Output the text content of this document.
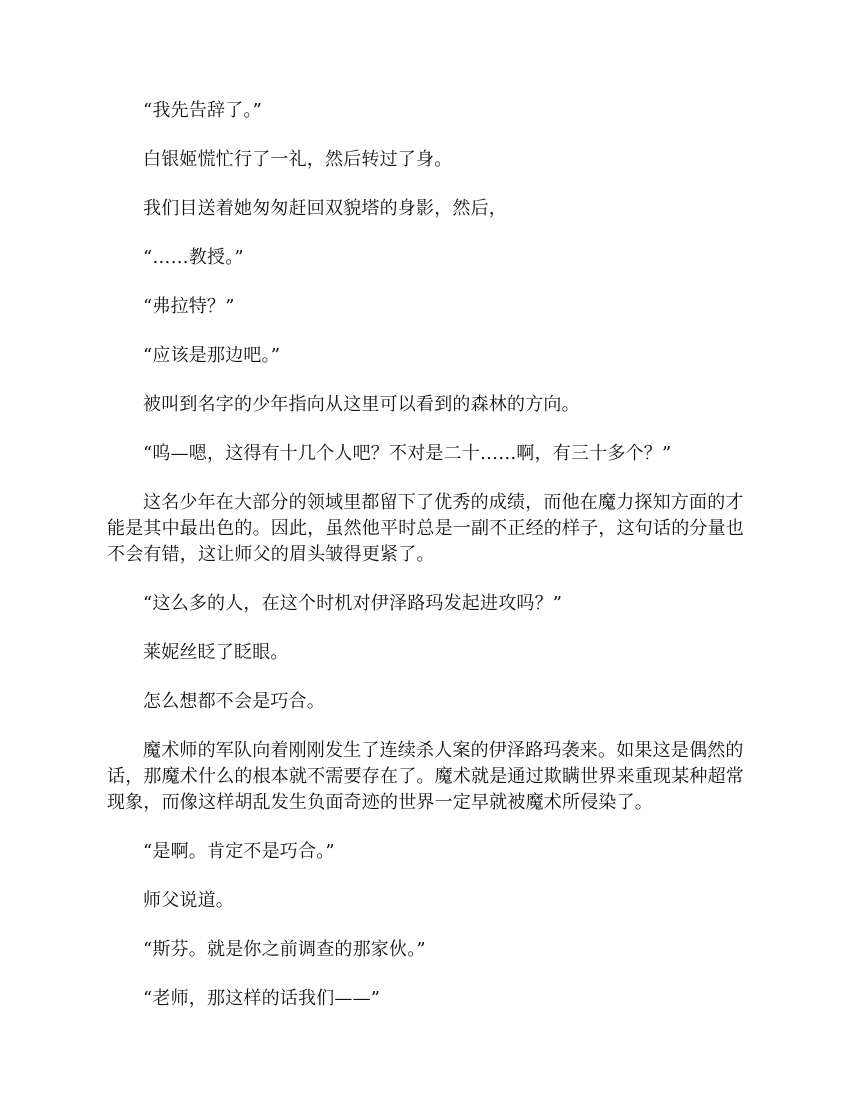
“我先告辞了。”

白银姬慌忙行了一礼，然后转过了身。

我们目送着她匆匆赶回双貌塔的身影，然后，

“……教授。”

“弗拉特？”

“应该是那边吧。”

被叫到名字的少年指向从这里可以看到的森林的方向。

“呜—嗯，这得有十几个人吧？不对是二十……啊，有三十多个？”

这名少年在大部分的领域里都留下了优秀的成绩，而他在魔力探知方面的才能是其中最出色的。因此，虽然他平时总是一副不正经的样子，这句话的分量也不会有错，这让师父的眉头皱得更紧了。

“这么多的人，在这个时机对伊泽路玛发起进攻吗？”

莱妮丝眨了眨眼。

怎么想都不会是巧合。

魔术师的军队向着刚刚发生了连续杀人案的伊泽路玛袭来。如果这是偶然的话，那魔术什么的根本就不需要存在了。魔术就是通过欺瞒世界来重现某种超常现象，而像这样胡乱发生负面奇迹的世界一定早就被魔术所侵染了。

“是啊。肯定不是巧合。”

师父说道。

“斯芬。就是你之前调查的那家伙。”

“老师，那这样的话我们——”
